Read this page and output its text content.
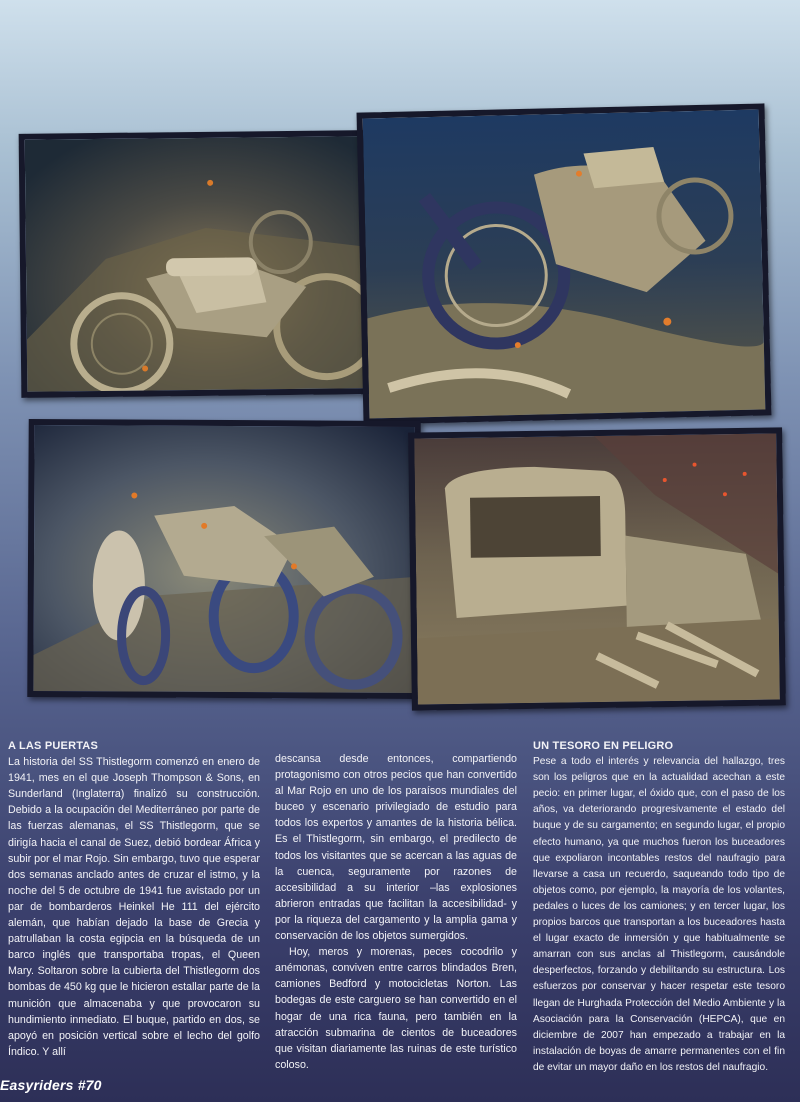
A LAS PUERTAS

La historia del SS Thistlegorm comenzó en enero de 1941, mes en el que Joseph Thompson & Sons, en Sunderland (Inglaterra) finalizó su construcción. Debido a la ocupación del Mediterráneo por parte de las fuerzas alemanas, el SS Thistlegorm, que se dirigía hacia el canal de Suez, debió bordear África y subir por el mar Rojo. Sin embargo, tuvo que esperar dos semanas anclado antes de cruzar el istmo, y la noche del 5 de octubre de 1941 fue avistado por un par de bombarderos Heinkel He 111 del ejército alemán, que habían dejado la base de Grecia y patrullaban la costa egipcia en la búsqueda de un barco inglés que transportaba tropas, el Queen Mary. Soltaron sobre la cubierta del Thistlegorm dos bombas de 450 kg que le hicieron estallar parte de la munición que almacenaba y que provocaron su hundimiento inmediato. El buque, partido en dos, se apoyó en posición vertical sobre el lecho del golfo Índico. Y allí

descansa desde entonces, compartiendo protagonismo con otros pecios que han convertido al Mar Rojo en uno de los paraísos mundiales del buceo y escenario privilegiado de estudio para todos los expertos y amantes de la historia bélica. Es el Thistlegorm, sin embargo, el predilecto de todos los visitantes que se acercan a las aguas de la cuenca, seguramente por razones de accesibilidad a su interior –las explosiones abrieron entradas que facilitan la accesibilidad- y por la riqueza del cargamento y la amplia gama y conservación de los objetos sumergidos.

Hoy, meros y morenas, peces cocodrilo y anémonas, conviven entre carros blindados Bren, camiones Bedford y motocicletas Norton. Las bodegas de este carguero se han convertido en el hogar de una rica fauna, pero también en la atracción submarina de cientos de buceadores que visitan diariamente las ruinas de este turístico coloso.

UN TESORO EN PELIGRO

Pese a todo el interés y relevancia del hallazgo, tres son los peligros que en la actualidad acechan a este pecio: en primer lugar, el óxido que, con el paso de los años, va deteriorando progresivamente el estado del buque y de su cargamento; en segundo lugar, el propio efecto humano, ya que muchos fueron los buceadores que expoliaron incontables restos del naufragio para llevarse a casa un recuerdo, saqueando todo tipo de objetos como, por ejemplo, la mayoría de los volantes, pedales o luces de los camiones; y en tercer lugar, los propios barcos que transportan a los buceadores hasta el lugar exacto de inmersión y que habitualmente se amarran con sus anclas al Thistlegorm, causándole desperfectos, forzando y debilitando su estructura. Los esfuerzos por conservar y hacer respetar este tesoro llegan de Hurghada Protección del Medio Ambiente y la Asociación para la Conservación (HEPCA), que en diciembre de 2007 han empezado a trabajar en la instalación de boyas de amarre permanentes con el fin de evitar un mayor daño en los restos del naufragio.

Easyriders #70
